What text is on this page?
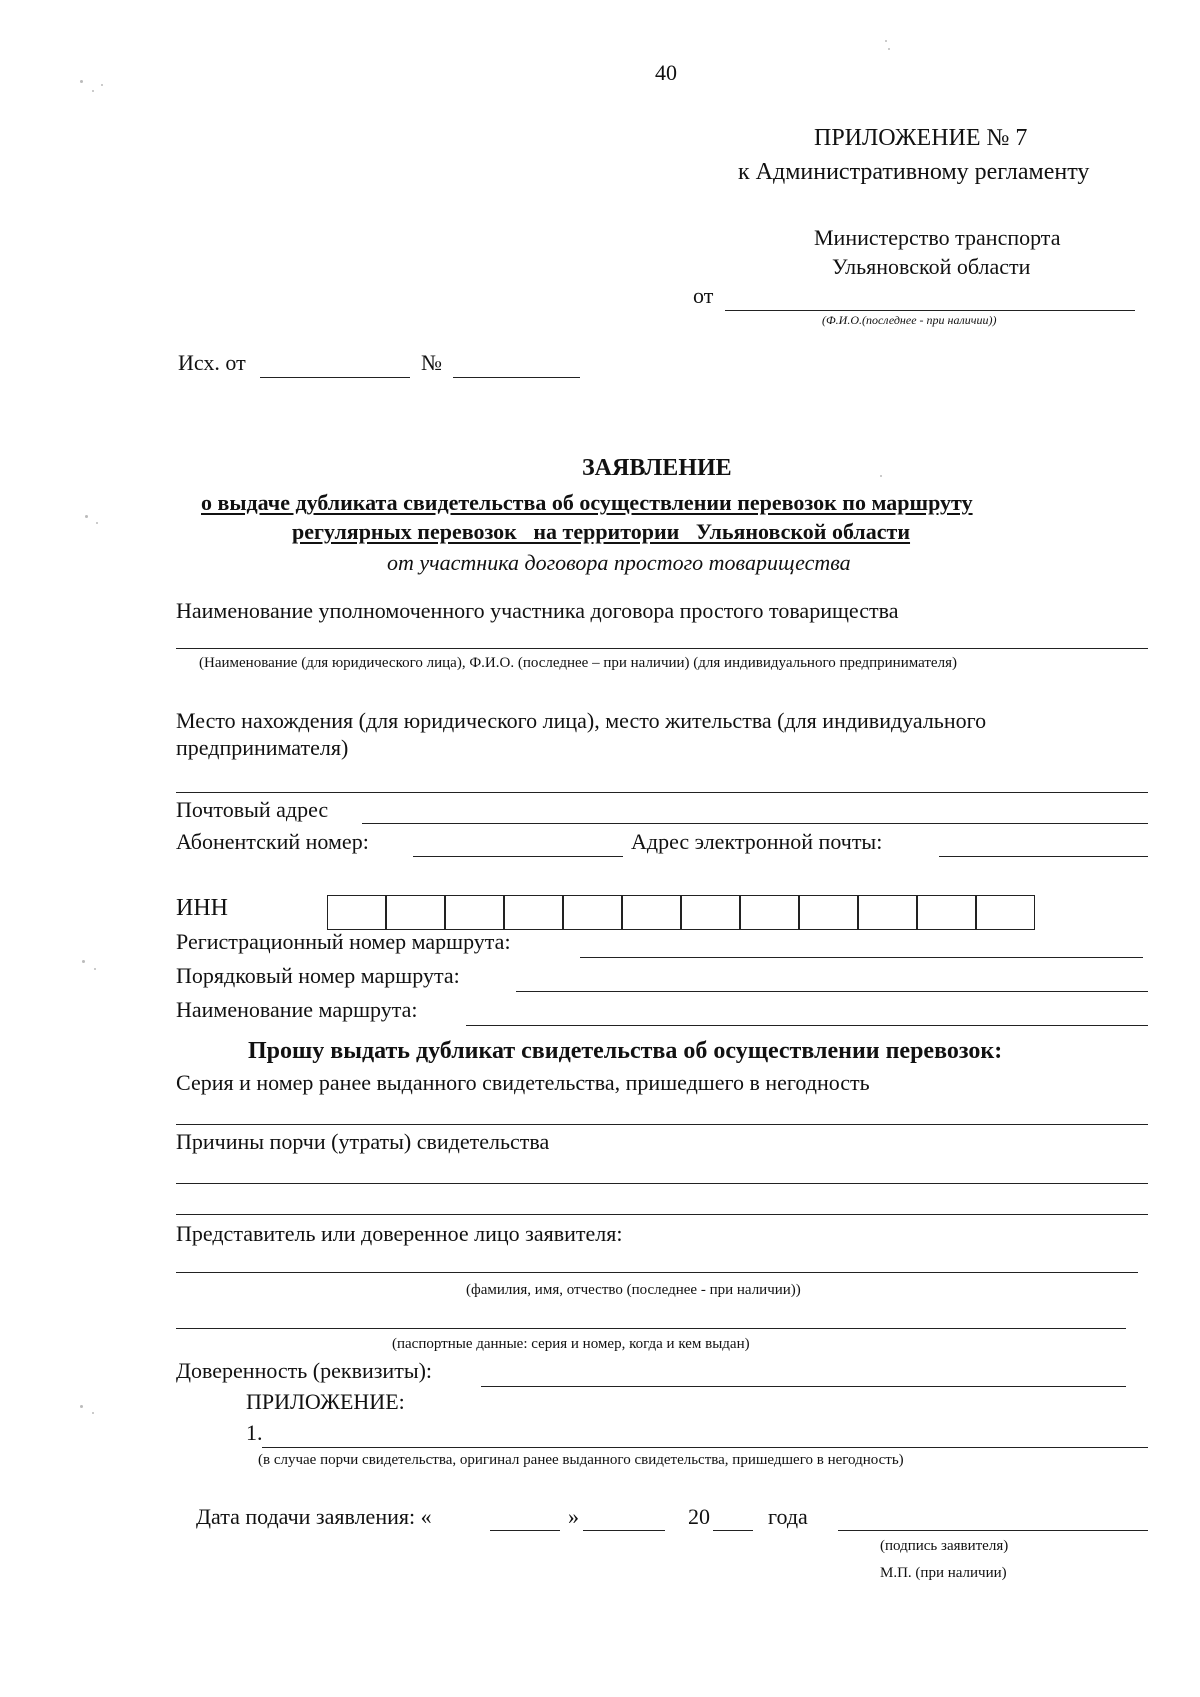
40
ПРИЛОЖЕНИЕ № 7
к Административному регламенту
Министерство транспорта
Ульяновской области
от
(Ф.И.О.(последнее - при наличии))
Исх. от	№
ЗАЯВЛЕНИЕ
о выдаче дубликата свидетельства об осуществлении перевозок по маршруту
регулярных перевозок   на территории   Ульяновской области
от участника договора простого товарищества
Наименование уполномоченного участника договора простого товарищества
(Наименование (для юридического лица), Ф.И.О. (последнее – при наличии) (для индивидуального предпринимателя)
Место нахождения (для юридического лица), место жительства (для индивидуального
предпринимателя)
Почтовый адрес
Абонентский номер:	Адрес электронной почты:
ИНН
Регистрационный номер маршрута:
Порядковый номер маршрута:
Наименование маршрута:
Прошу выдать дубликат свидетельства об осуществлении перевозок:
Серия и номер ранее выданного свидетельства, пришедшего в негодность
Причины порчи (утраты) свидетельства
Представитель или доверенное лицо заявителя:
(фамилия, имя, отчество (последнее - при наличии))
(паспортные данные: серия и номер, когда и кем выдан)
Доверенность (реквизиты):
ПРИЛОЖЕНИЕ:
1.
(в случае порчи свидетельства, оригинал ранее выданного свидетельства, пришедшего в негодность)
Дата подачи заявления: «	»	20	года
(подпись заявителя)
М.П. (при наличии)
